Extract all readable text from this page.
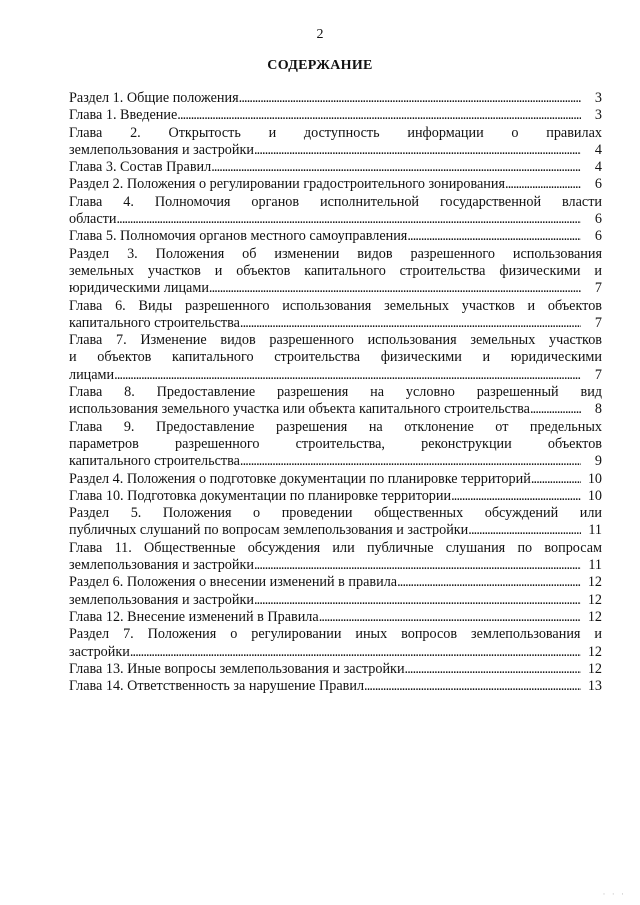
2
СОДЕРЖАНИЕ
Раздел 1. Общие положения . . .	3
Глава 1. Введение . . .	3
Глава 2. Открытость и доступность информации о правилах
землепользования и застройки . . .	4
Глава 3. Состав Правил . . .	4
Раздел 2. Положения о регулировании градостроительного зонирования . . .	6
Глава 4. Полномочия органов исполнительной государственной власти
области . . .	6
Глава 5. Полномочия органов местного самоуправления . . .	6
Раздел 3. Положения об изменении видов разрешенного использования
земельных участков и объектов капитального строительства физическими и
юридическими лицами . . .	7
Глава 6. Виды разрешенного использования земельных участков и объектов
капитального строительства . . .	7
Глава 7. Изменение видов разрешенного использования земельных участков
и объектов капитального строительства физическими и юридическими
лицами . . .	7
Глава 8. Предоставление разрешения на условно разрешенный вид
использования земельного участка или объекта капитального строительства . . .	8
Глава 9. Предоставление разрешения на отклонение от предельных
параметров разрешенного строительства, реконструкции объектов
капитального строительства . . .	9
Раздел 4. Положения о подготовке документации по планировке территорий . . .	10
Глава 10. Подготовка документации по планировке территории . . .	10
Раздел 5. Положения о проведении общественных обсуждений или
публичных слушаний по вопросам землепользования и застройки . . .	11
Глава 11. Общественные обсуждения или публичные слушания по вопросам
землепользования и застройки . . .	11
Раздел 6. Положения о внесении изменений в правила . . .	12
землепользования и застройки . . .	12
Глава 12. Внесение изменений в Правила . . .	12
Раздел 7. Положения о регулировании иных вопросов землепользования и
застройки . . .	12
Глава 13. Иные вопросы землепользования и застройки . . .	12
Глава 14. Ответственность за нарушение Правил . . .	13
· · ·
